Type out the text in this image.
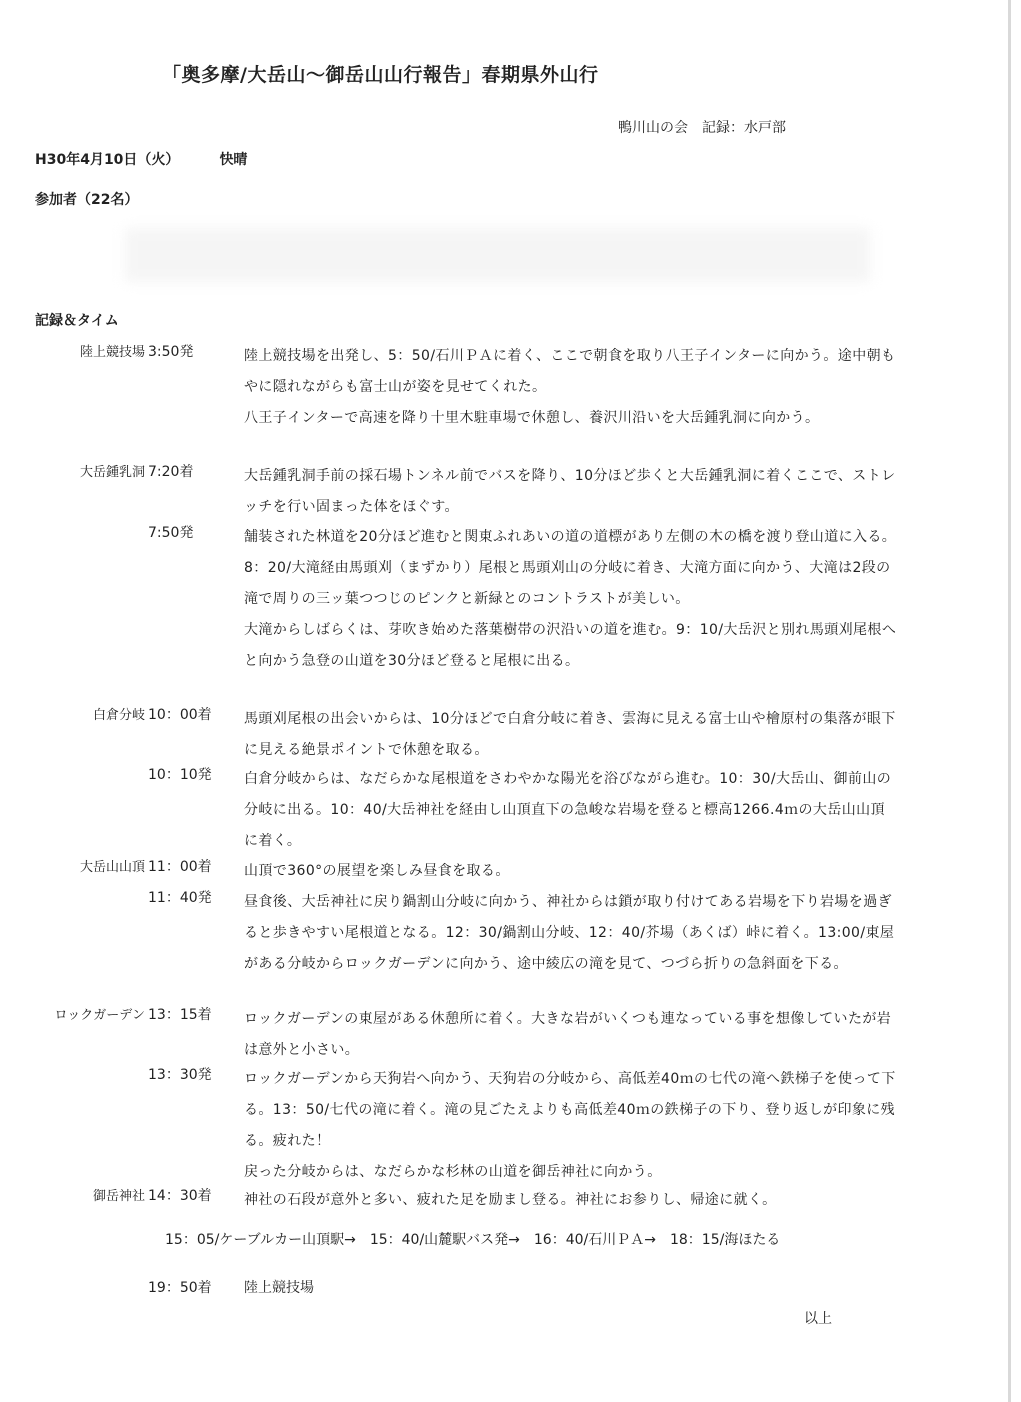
「奥多摩/大岳山～御岳山山行報告」春期県外山行
鴨川山の会　記録：水戸部
H30年4月10日（火）	快晴
参加者（22名）
記録＆タイム
陸上競技場 3:50発	陸上競技場を出発し、5：50/石川ＰＡに着く、ここで朝食を取り八王子インターに向かう。途中朝もやに隠れながらも富士山が姿を見せてくれた。

八王子インターで高速を降り十里木駐車場で休憩し、養沢川沿いを大岳鍾乳洞に向かう。

大岳鍾乳洞 7:20着	大岳鍾乳洞手前の採石場トンネル前でバスを降り、10分ほど歩くと大岳鍾乳洞に着くここで、ストレッチを行い固まった体をほぐす。

7:50発	舗装された林道を20分ほど進むと関東ふれあいの道の道標があり左側の木の橋を渡り登山道に入る。

8：20/大滝経由馬頭刈（まずかり）尾根と馬頭刈山の分岐に着き、大滝方面に向かう、大滝は2段の滝で周りの三ッ葉つつじのピンクと新緑とのコントラストが美しい。

大滝からしばらくは、芽吹き始めた落葉樹帯の沢沿いの道を進む。9：10/大岳沢と別れ馬頭刈尾根へと向かう急登の山道を30分ほど登ると尾根に出る。

白倉分岐 10：00着 馬頭刈尾根の出会いからは、10分ほどで白倉分岐に着き、雲海に見える富士山や檜原村の集落が眼下に見える絶景ポイントで休憩を取る。

10：10発 白倉分岐からは、なだらかな尾根道をさわやかな陽光を浴びながら進む。10：30/大岳山、御前山の分岐に出る。10：40/大岳神社を経由し山頂直下の急峻な岩場を登ると標高1266.4ｍの大岳山山頂に着く。

大岳山山頂 11：00着 山頂で360°の展望を楽しみ昼食を取る。

11：40発 昼食後、大岳神社に戻り鍋割山分岐に向かう、神社からは鎖が取り付けてある岩場を下り岩場を過ぎると歩きやすい尾根道となる。12：30/鍋割山分岐、12：40/芥場（あくば）峠に着く。13:00/東屋がある分岐からロックガーデンに向かう、途中綾広の滝を見て、つづら折りの急斜面を下る。

ロックガーデン 13：15着 ロックガーデンの東屋がある休憩所に着く。大きな岩がいくつも連なっている事を想像していたが岩は意外と小さい。

13：30発 ロックガーデンから天狗岩へ向かう、天狗岩の分岐から、高低差40ｍの七代の滝へ鉄梯子を使って下る。13：50/七代の滝に着く。滝の見ごたえよりも高低差40ｍの鉄梯子の下り、登り返しが印象に残る。疲れた！

戻った分岐からは、なだらかな杉林の山道を御岳神社に向かう。

御岳神社 14：30着 神社の石段が意外と多い、疲れた足を励まし登る。神社にお参りし、帰途に就く。

15：05/ケーブルカー山頂駅→　15：40/山麓駅バス発→　16：40/石川ＰＡ→　18：15/海ほたる
19：50着 陸上競技場
以上
